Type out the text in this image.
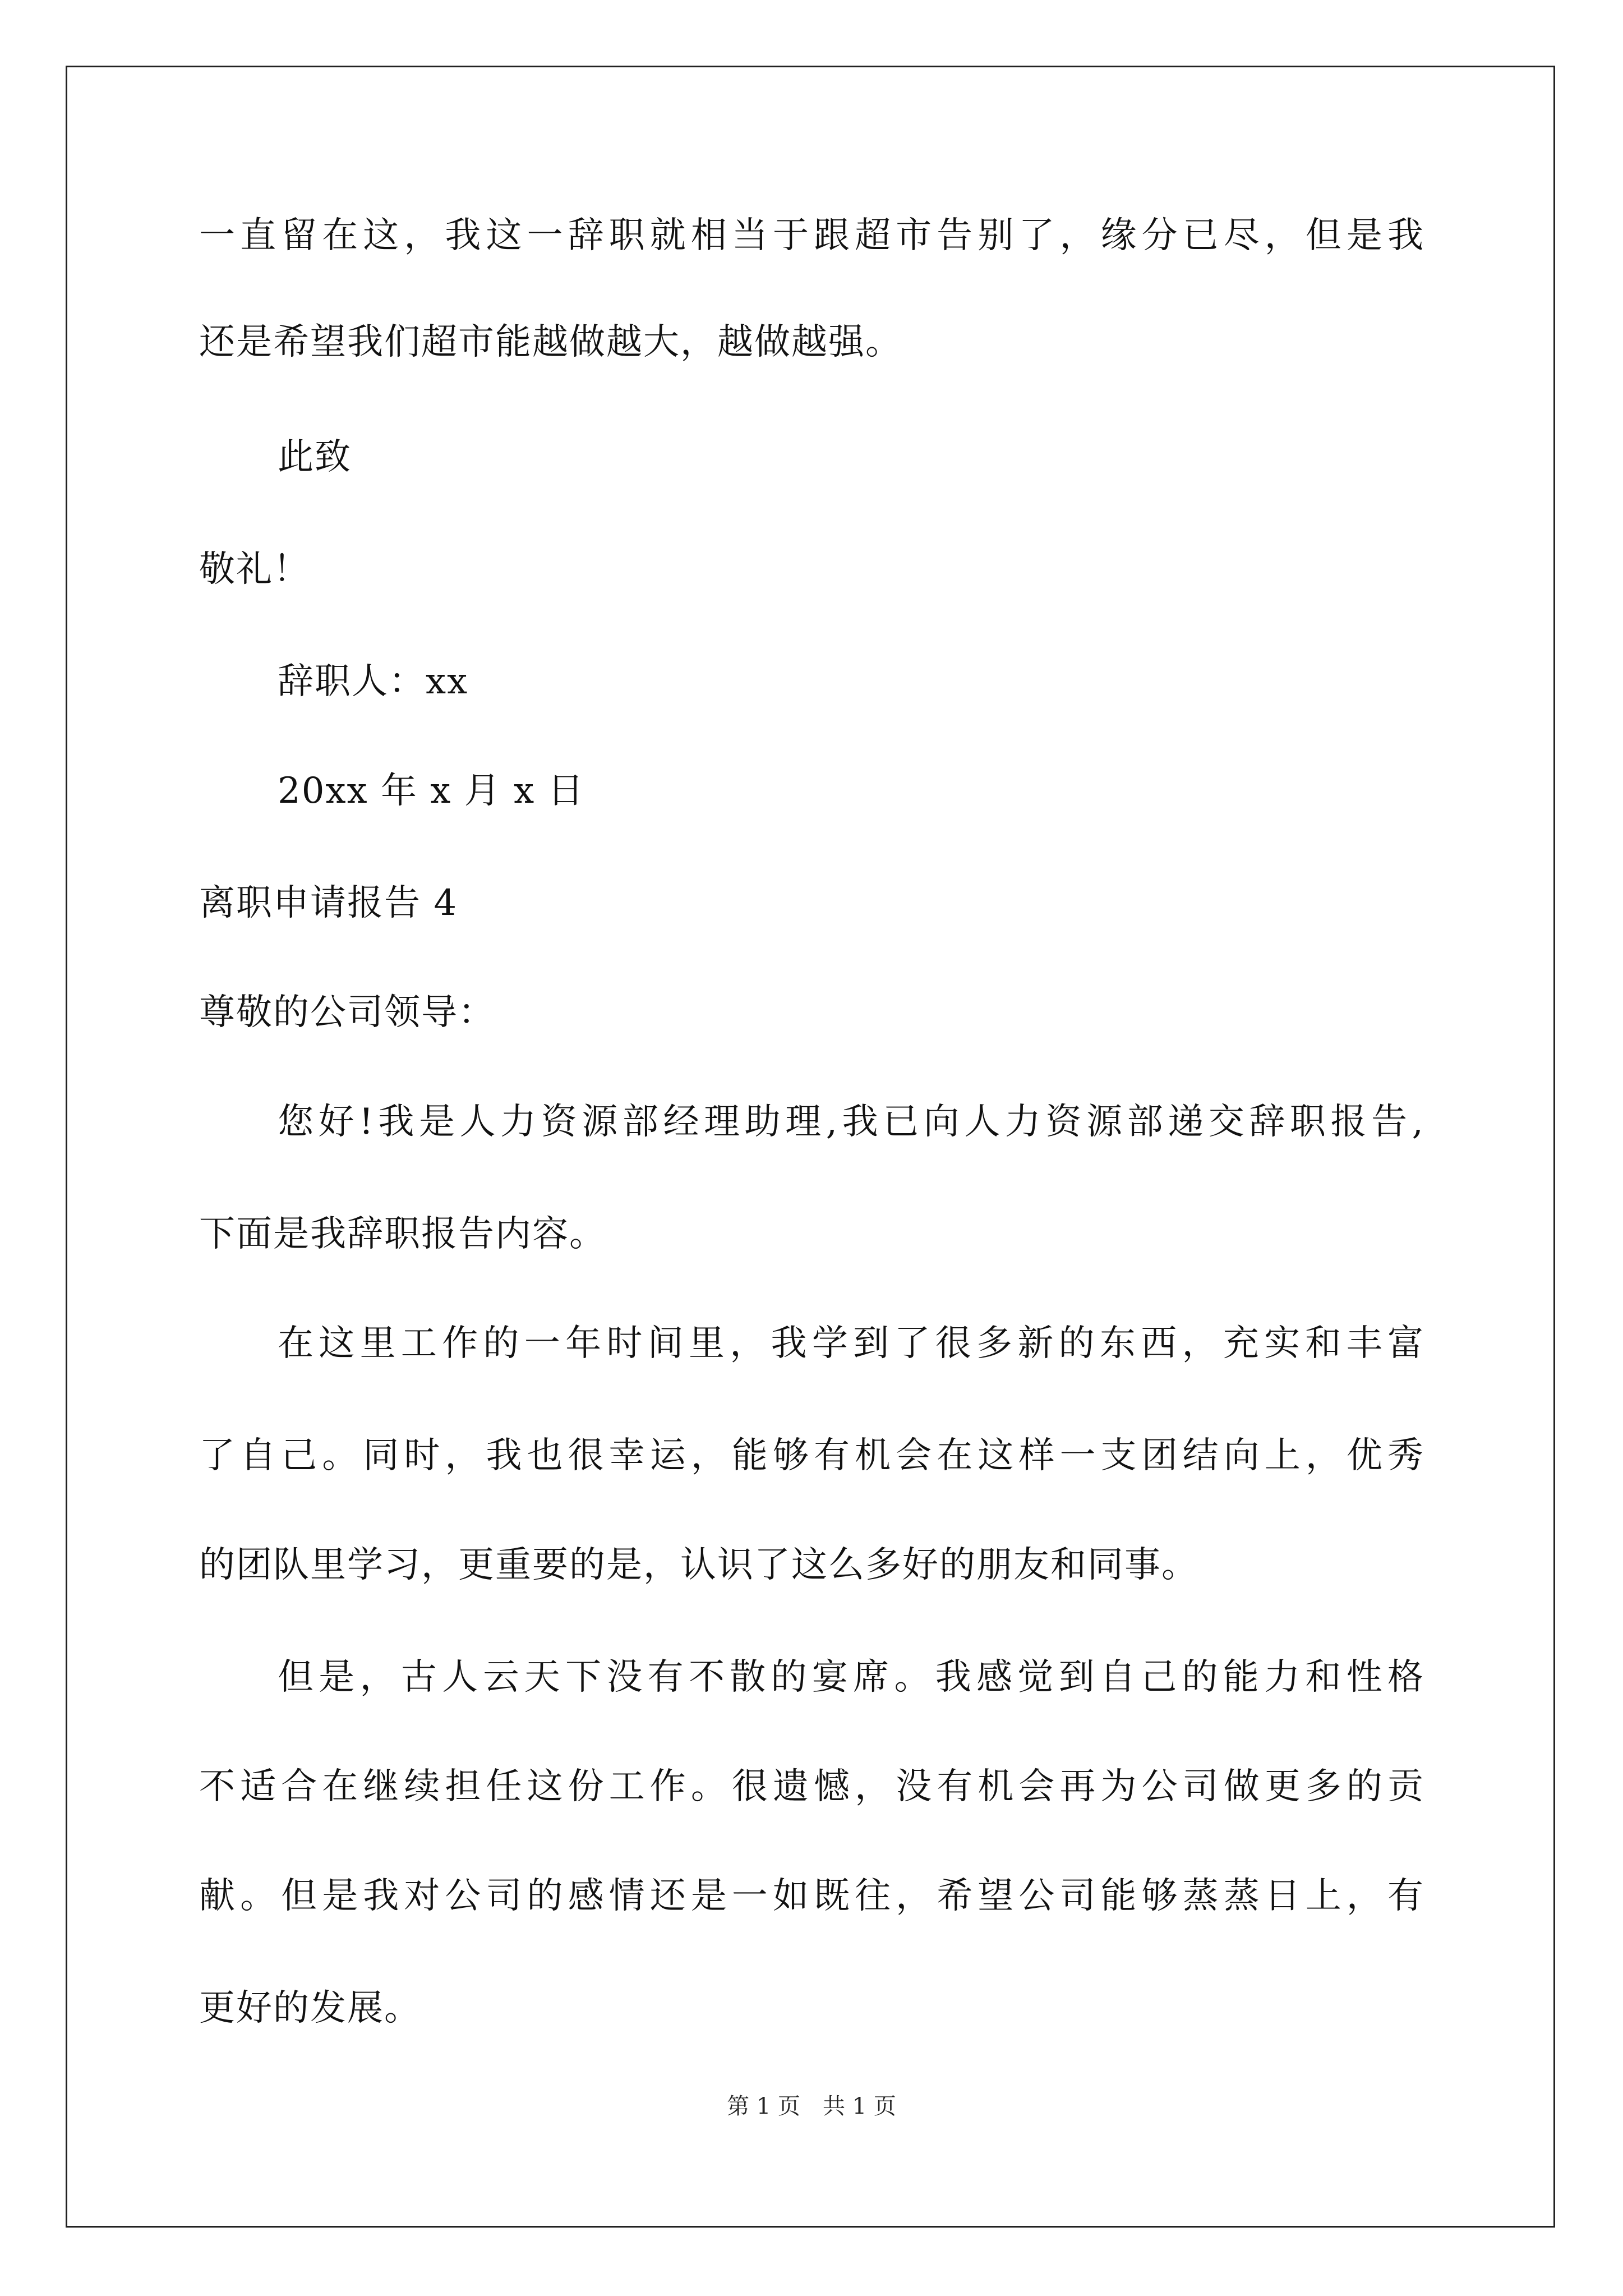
一直留在这，我这一辞职就相当于跟超市告别了，缘分已尽，但是我
还是希望我们超市能越做越大，越做越强。
此致
敬礼！
辞职人：xx
20xx 年 x 月 x 日
离职申请报告 4
尊敬的公司领导：
您好!我是人力资源部经理助理,我已向人力资源部递交辞职报告,
下面是我辞职报告内容。
在这里工作的一年时间里，我学到了很多新的东西，充实和丰富
了自己。同时，我也很幸运，能够有机会在这样一支团结向上，优秀
的团队里学习，更重要的是，认识了这么多好的朋友和同事。
但是，古人云天下没有不散的宴席。我感觉到自己的能力和性格
不适合在继续担任这份工作。很遗憾，没有机会再为公司做更多的贡
献。但是我对公司的感情还是一如既往，希望公司能够蒸蒸日上，有
更好的发展。
第 1 页　共 1 页
